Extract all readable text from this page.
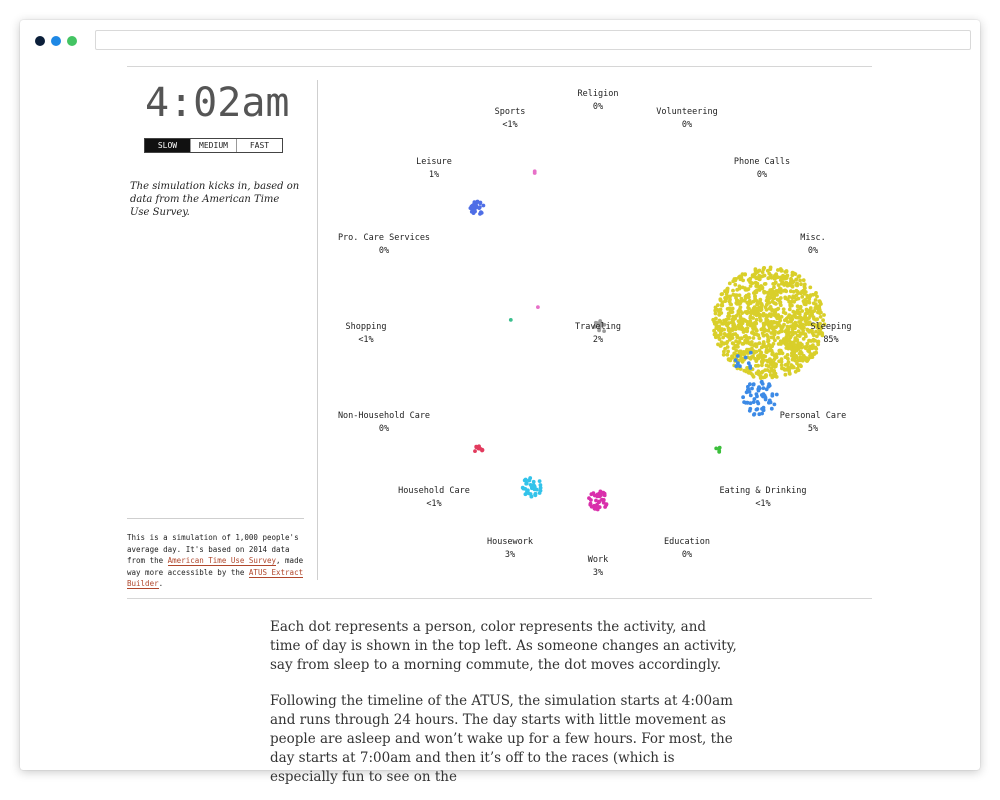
4:02am
SLOW	MEDIUM	FAST
The simulation kicks in, based on data from the American Time Use Survey.
This is a simulation of 1,000 people's average day. It's based on 2014 data from the American Time Use Survey, made way more accessible by the ATUS Extract Builder.
Religion
0%
Volunteering
0%
Phone Calls
0%
Misc.
0%
Sleeping
85%
Personal Care
5%
Eating & Drinking
<1%
Education
0%
Work
3%
Housework
3%
Household Care
<1%
Non-Household Care
0%
Shopping
<1%
Pro. Care Services
0%
Leisure
1%
Sports
<1%
Traveling
2%

Each dot represents a person, color represents the activity, and time of day is shown in the top left. As someone changes an activity, say from sleep to a morning commute, the dot moves accordingly.

Following the timeline of the ATUS, the simulation starts at 4:00am and runs through 24 hours. The day starts with little movement as people are asleep and won’t wake up for a few hours. For most, the day starts at 7:00am and then it’s off to the races (which is especially fun to see on the
